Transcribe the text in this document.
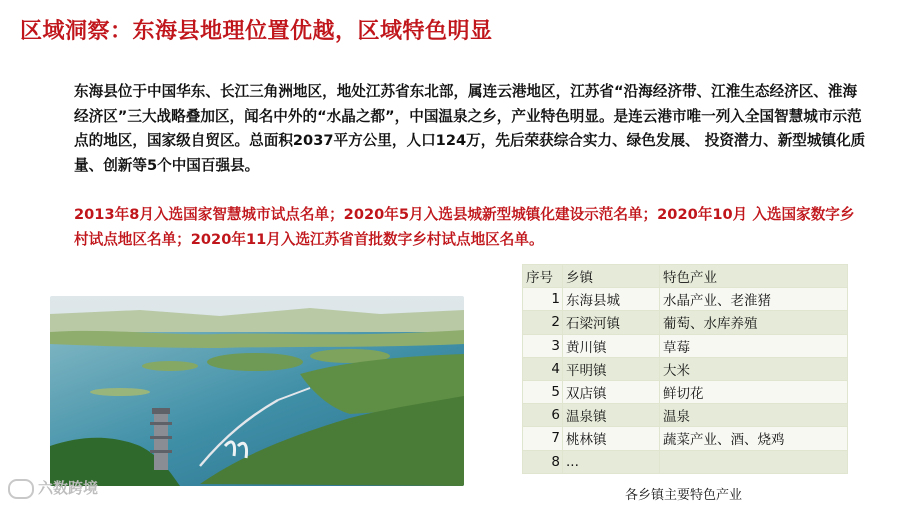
区域洞察：东海县地理位置优越，区域特色明显
东海县位于中国华东、长江三角洲地区，地处江苏省东北部，属连云港地区，江苏省“沿海经济带、江淮生态经济区、淮海经济区”三大战略叠加区，闻名中外的“水晶之都”，中国温泉之乡，产业特色明显。是连云港市唯一列入全国智慧城市示范点的地区，国家级自贸区。总面积2037平方公里，人口124万，先后荣获综合实力、绿色发展、 投资潜力、新型城镇化质量、创新等5个中国百强县。
2013年8月入选国家智慧城市试点名单；2020年5月入选县城新型城镇化建设示范名单；2020年10月 入选国家数字乡村试点地区名单；2020年11月入选江苏省首批数字乡村试点地区名单。
六数跨境
序号	乡镇	特色产业
1	东海县城	水晶产业、老淮猪
2	石梁河镇	葡萄、水库养殖
3	黄川镇	草莓
4	平明镇	大米
5	双店镇	鲜切花
6	温泉镇	温泉
7	桃林镇	蔬菜产业、酒、烧鸡
8	...	
各乡镇主要特色产业
